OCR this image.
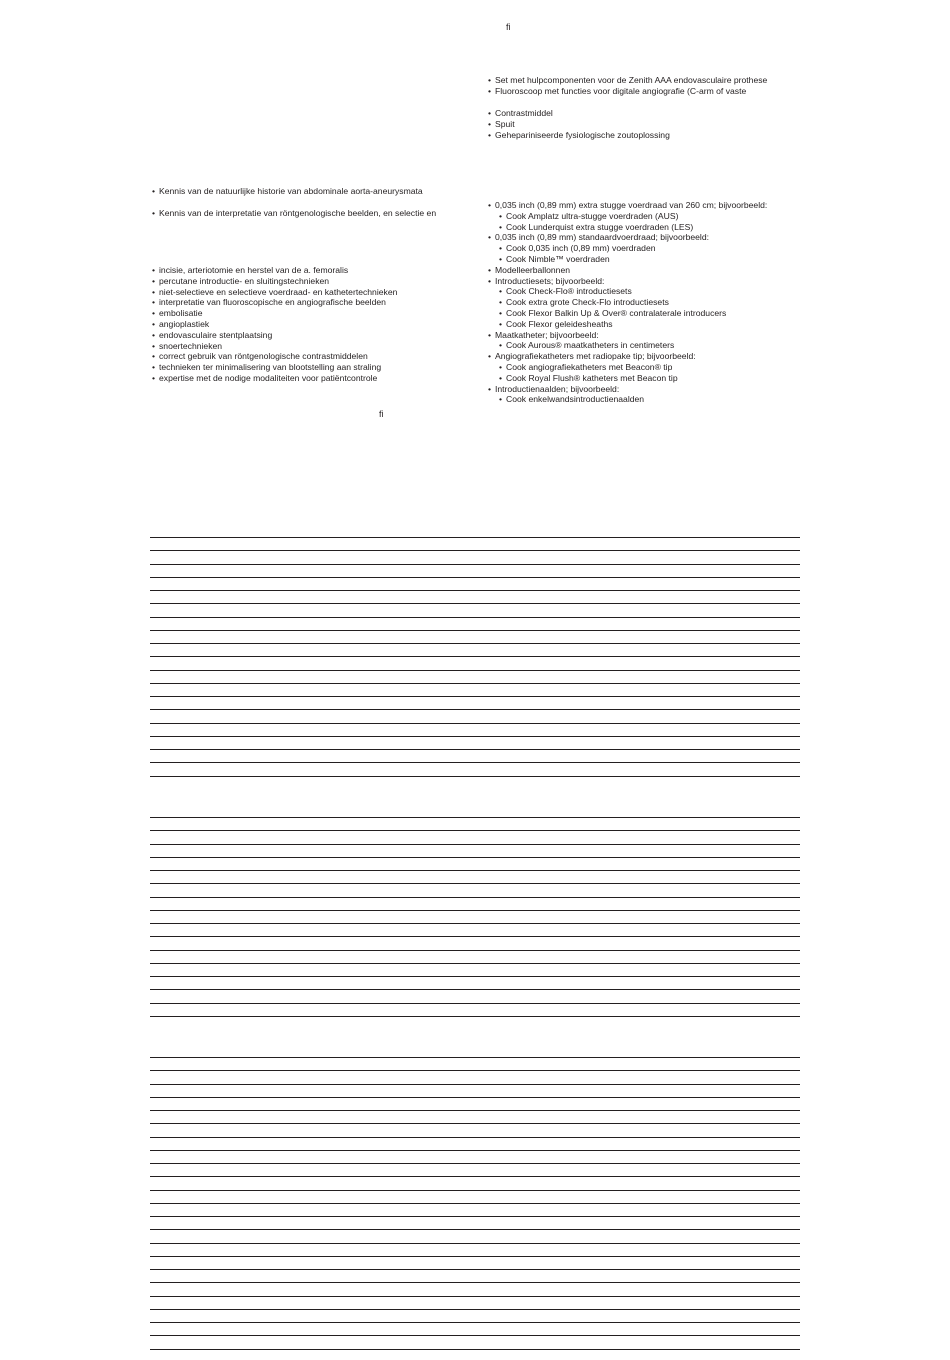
ﬁ
• Set met hulpcomponenten voor de Zenith AAA endovasculaire prothese
• Fluoroscoop met functies voor digitale angiografie (C-arm of vaste
• Contrastmiddel
• Spuit
• Gehepariniseerde fysiologische zoutoplossing
• 0,035 inch (0,89 mm) extra stugge voerdraad van 260 cm; bijvoorbeeld:
• Cook Amplatz ultra-stugge voerdraden (AUS)
• Cook Lunderquist extra stugge voerdraden (LES)
• 0,035 inch (0,89 mm) standaardvoerdraad; bijvoorbeeld:
• Cook 0,035 inch (0,89 mm) voerdraden
• Cook Nimble™ voerdraden
• Modelleerballonnen
• Introductiesets; bijvoorbeeld:
• Cook Check-Flo® introductiesets
• Cook extra grote Check-Flo introductiesets
• Cook Flexor Balkin Up & Over® contralaterale introducers
• Cook Flexor geleidesheaths
• Maatkatheter; bijvoorbeeld:
• Cook Aurous® maatkatheters in centimeters
• Angiografiekatheters met radiopake tip; bijvoorbeeld:
• Cook angiografiekatheters met Beacon® tip
• Cook Royal Flush® katheters met Beacon tip
• Introductienaalden; bijvoorbeeld:
• Cook enkelwandsintroductienaalden
• Kennis van de natuurlijke historie van abdominale aorta-aneurysmata
• Kennis van de interpretatie van röntgenologische beelden, en selectie en
• incisie, arteriotomie en herstel van de a. femoralis
• percutane introductie- en sluitingstechnieken
• niet-selectieve en selectieve voerdraad- en kathetertechnieken
• interpretatie van fluoroscopische en angiografische beelden
• embolisatie
• angioplastiek
• endovasculaire stentplaatsing
• snoertechnieken
• correct gebruik van röntgenologische contrastmiddelen
• technieken ter minimalisering van blootstelling aan straling
• expertise met de nodige modaliteiten voor patiëntcontrole
ﬁ
